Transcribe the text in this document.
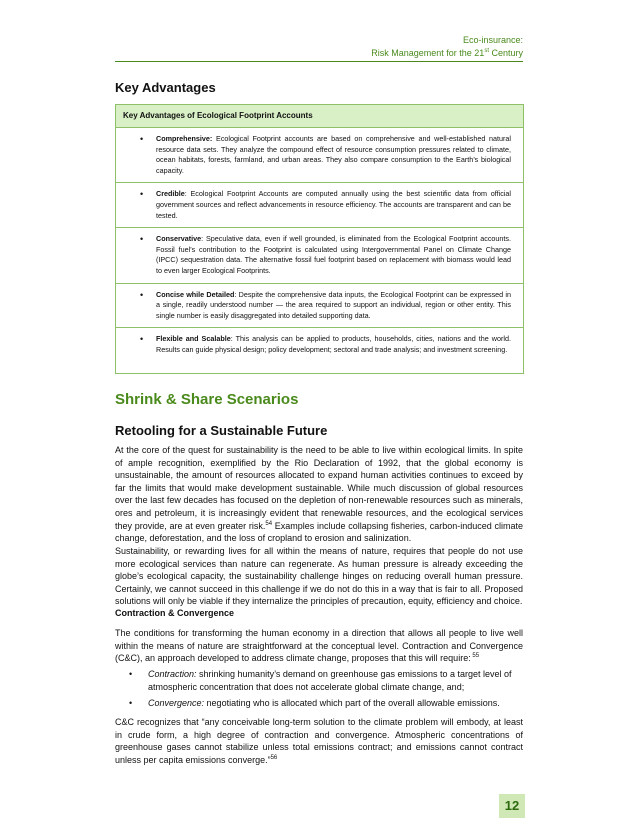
Eco-insurance:
Risk Management for the 21st Century
Key Advantages
Key Advantages of Ecological Footprint Accounts
• Comprehensive: Ecological Footprint accounts are based on comprehensive and well-established natural resource data sets. They analyze the compound effect of resource consumption pressures related to climate, ocean habitats, forests, farmland, and urban areas. They also compare consumption to the Earth’s biological capacity.
• Credible: Ecological Footprint Accounts are computed annually using the best scientific data from official government sources and reflect advancements in resource efficiency. The accounts are transparent and can be tested.
• Conservative: Speculative data, even if well grounded, is eliminated from the Ecological Footprint accounts. Fossil fuel’s contribution to the Footprint is calculated using Intergovernmental Panel on Climate Change (IPCC) sequestration data. The alternative fossil fuel footprint based on replacement with biomass would lead to even larger Ecological Footprints.
• Concise while Detailed: Despite the comprehensive data inputs, the Ecological Footprint can be expressed in a single, readily understood number — the area required to support an individual, region or other entity. This single number is easily disaggregated into detailed supporting data.
• Flexible and Scalable: This analysis can be applied to products, households, cities, nations and the world. Results can guide physical design; policy development; sectoral and trade analysis; and investment screening.
Shrink & Share Scenarios
Retooling for a Sustainable Future
At the core of the quest for sustainability is the need to be able to live within ecological limits. In spite of ample recognition, exemplified by the Rio Declaration of 1992, that the global economy is unsustainable, the amount of resources allocated to expand human activities continues to exceed by far the limits that would make development sustainable. While much discussion of global resources over the last few decades has focused on the depletion of non-renewable resources such as minerals, ores and petroleum, it is increasingly evident that renewable resources, and the ecological services they provide, are at even greater risk.$^{54}$ Examples include collapsing fisheries, carbon-induced climate change, deforestation, and the loss of cropland to erosion and salinization.
Sustainability, or rewarding lives for all within the means of nature, requires that people do not use more ecological services than nature can regenerate. As human pressure is already exceeding the globe’s ecological capacity, the sustainability challenge hinges on reducing overall human pressure. Certainly, we cannot succeed in this challenge if we do not do this in a way that is fair to all. Proposed solutions will only be viable if they internalize the principles of precaution, equity, efficiency and choice.
Contraction & Convergence
The conditions for transforming the human economy in a direction that allows all people to live well within the means of nature are straightforward at the conceptual level. Contraction and Convergence (C&C), an approach developed to address climate change, proposes that this will require: $^{55}$
• Contraction: shrinking humanity’s demand on greenhouse gas emissions to a target level of atmospheric concentration that does not accelerate global climate change, and;
• Convergence: negotiating who is allocated which part of the overall allowable emissions.
C&C recognizes that “any conceivable long-term solution to the climate problem will embody, at least in crude form, a high degree of contraction and convergence. Atmospheric concentrations of greenhouse gases cannot stabilize unless total emissions contract; and emissions cannot contract unless per capita emissions converge.”$^{56}$
12
